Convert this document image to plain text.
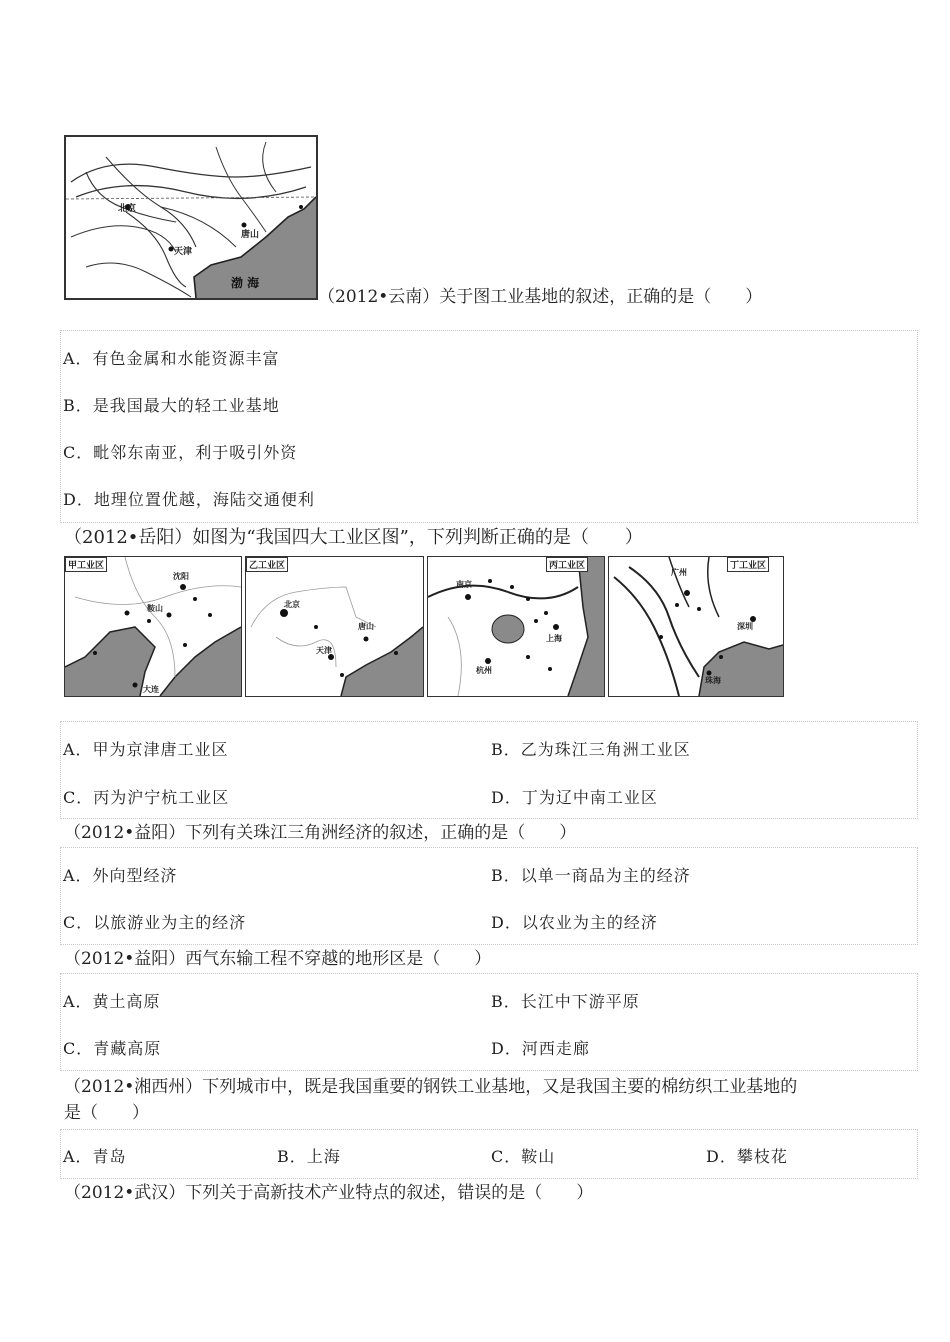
北京
天津
唐山
渤 海
（2012•云南）关于图工业基地的叙述，正确的是（　　）
A．有色金属和水能资源丰富
B．是我国最大的轻工业基地
C．毗邻东南亚，利于吸引外资
D．地理位置优越，海陆交通便利
（2012•岳阳）如图为“我国四大工业区图”，下列判断正确的是（　　）
甲工业区
沈阳
鞍山
大连
乙工业区
北京
唐山
天津
丙工业区
南京
上海
杭州
丁工业区
广州
深圳
珠海
A．甲为京津唐工业区	B．乙为珠江三角洲工业区
C．丙为沪宁杭工业区	D．丁为辽中南工业区
（2012•益阳）下列有关珠江三角洲经济的叙述，正确的是（　　）
A．外向型经济	B．以单一商品为主的经济
C．以旅游业为主的经济	D．以农业为主的经济
（2012•益阳）西气东输工程不穿越的地形区是（　　）
A．黄土高原	B．长江中下游平原
C．青藏高原	D．河西走廊
（2012•湘西州）下列城市中，既是我国重要的钢铁工业基地，又是我国主要的棉纺织工业基地的是（　　）
A．青岛	B．上海	C．鞍山	D．攀枝花
（2012•武汉）下列关于高新技术产业特点的叙述，错误的是（　　）
